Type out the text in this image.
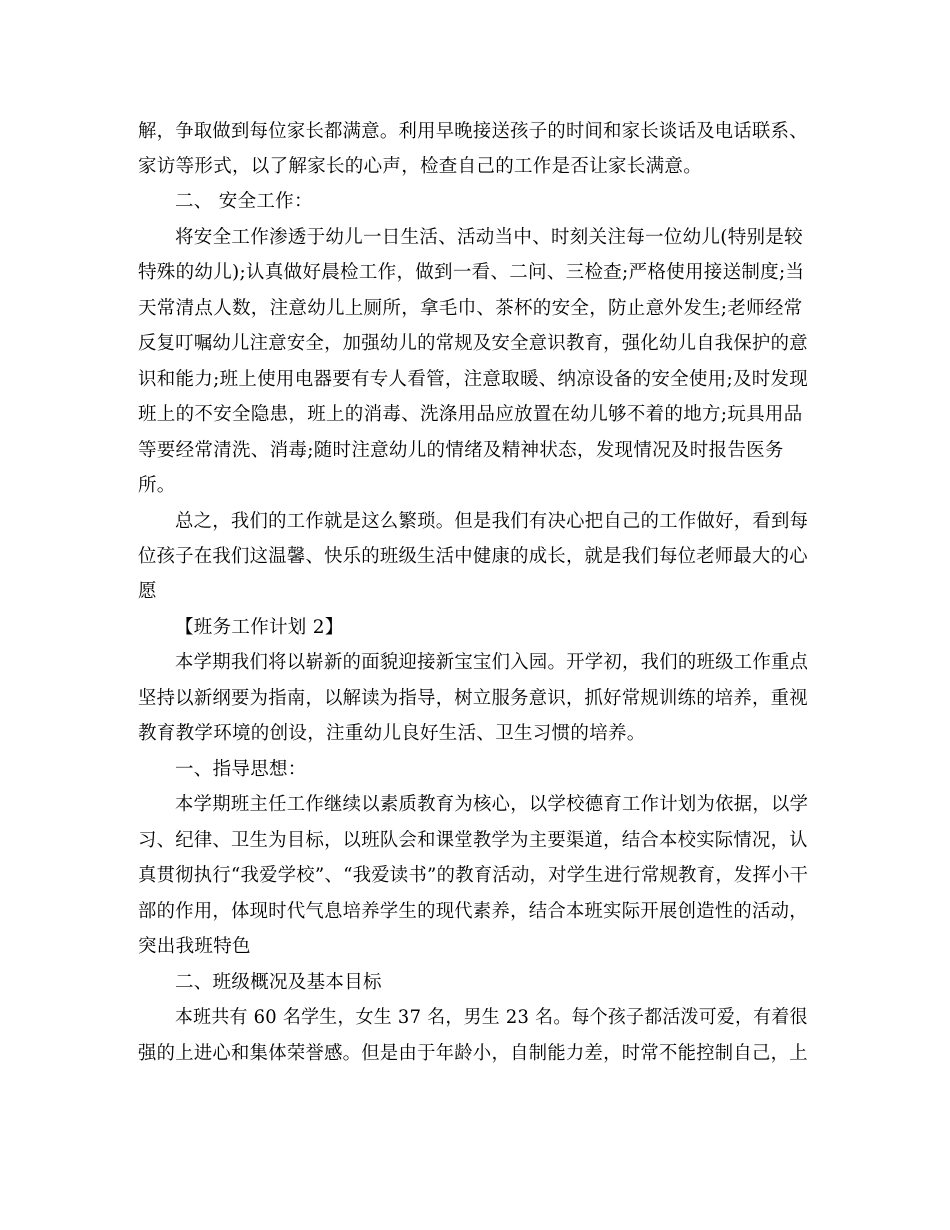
解，争取做到每位家长都满意。利用早晚接送孩子的时间和家长谈话及电话联系、
家访等形式，以了解家长的心声，检查自己的工作是否让家长满意。
二、 安全工作：
将安全工作渗透于幼儿一日生活、活动当中、时刻关注每一位幼儿(特别是较
特殊的幼儿);认真做好晨检工作，做到一看、二问、三检查;严格使用接送制度;当
天常清点人数，注意幼儿上厕所，拿毛巾、茶杯的安全，防止意外发生;老师经常
反复叮嘱幼儿注意安全，加强幼儿的常规及安全意识教育，强化幼儿自我保护的意
识和能力;班上使用电器要有专人看管，注意取暖、纳凉设备的安全使用;及时发现
班上的不安全隐患，班上的消毒、洗涤用品应放置在幼儿够不着的地方;玩具用品
等要经常清洗、消毒;随时注意幼儿的情绪及精神状态，发现情况及时报告医务
所。
总之，我们的工作就是这么繁琐。但是我们有决心把自己的工作做好，看到每
位孩子在我们这温馨、快乐的班级生活中健康的成长，就是我们每位老师最大的心
愿
【班务工作计划 2】
本学期我们将以崭新的面貌迎接新宝宝们入园。开学初，我们的班级工作重点
坚持以新纲要为指南，以解读为指导，树立服务意识，抓好常规训练的培养，重视
教育教学环境的创设，注重幼儿良好生活、卫生习惯的培养。
一、指导思想：
本学期班主任工作继续以素质教育为核心，以学校德育工作计划为依据，以学
习、纪律、卫生为目标，以班队会和课堂教学为主要渠道，结合本校实际情况，认
真贯彻执行“我爱学校”、“我爱读书”的教育活动，对学生进行常规教育，发挥小干
部的作用，体现时代气息培养学生的现代素养，结合本班实际开展创造性的活动，
突出我班特色
二、班级概况及基本目标
本班共有 60 名学生，女生 37 名，男生 23 名。每个孩子都活泼可爱，有着很
强的上进心和集体荣誉感。但是由于年龄小，自制能力差，时常不能控制自己，上
